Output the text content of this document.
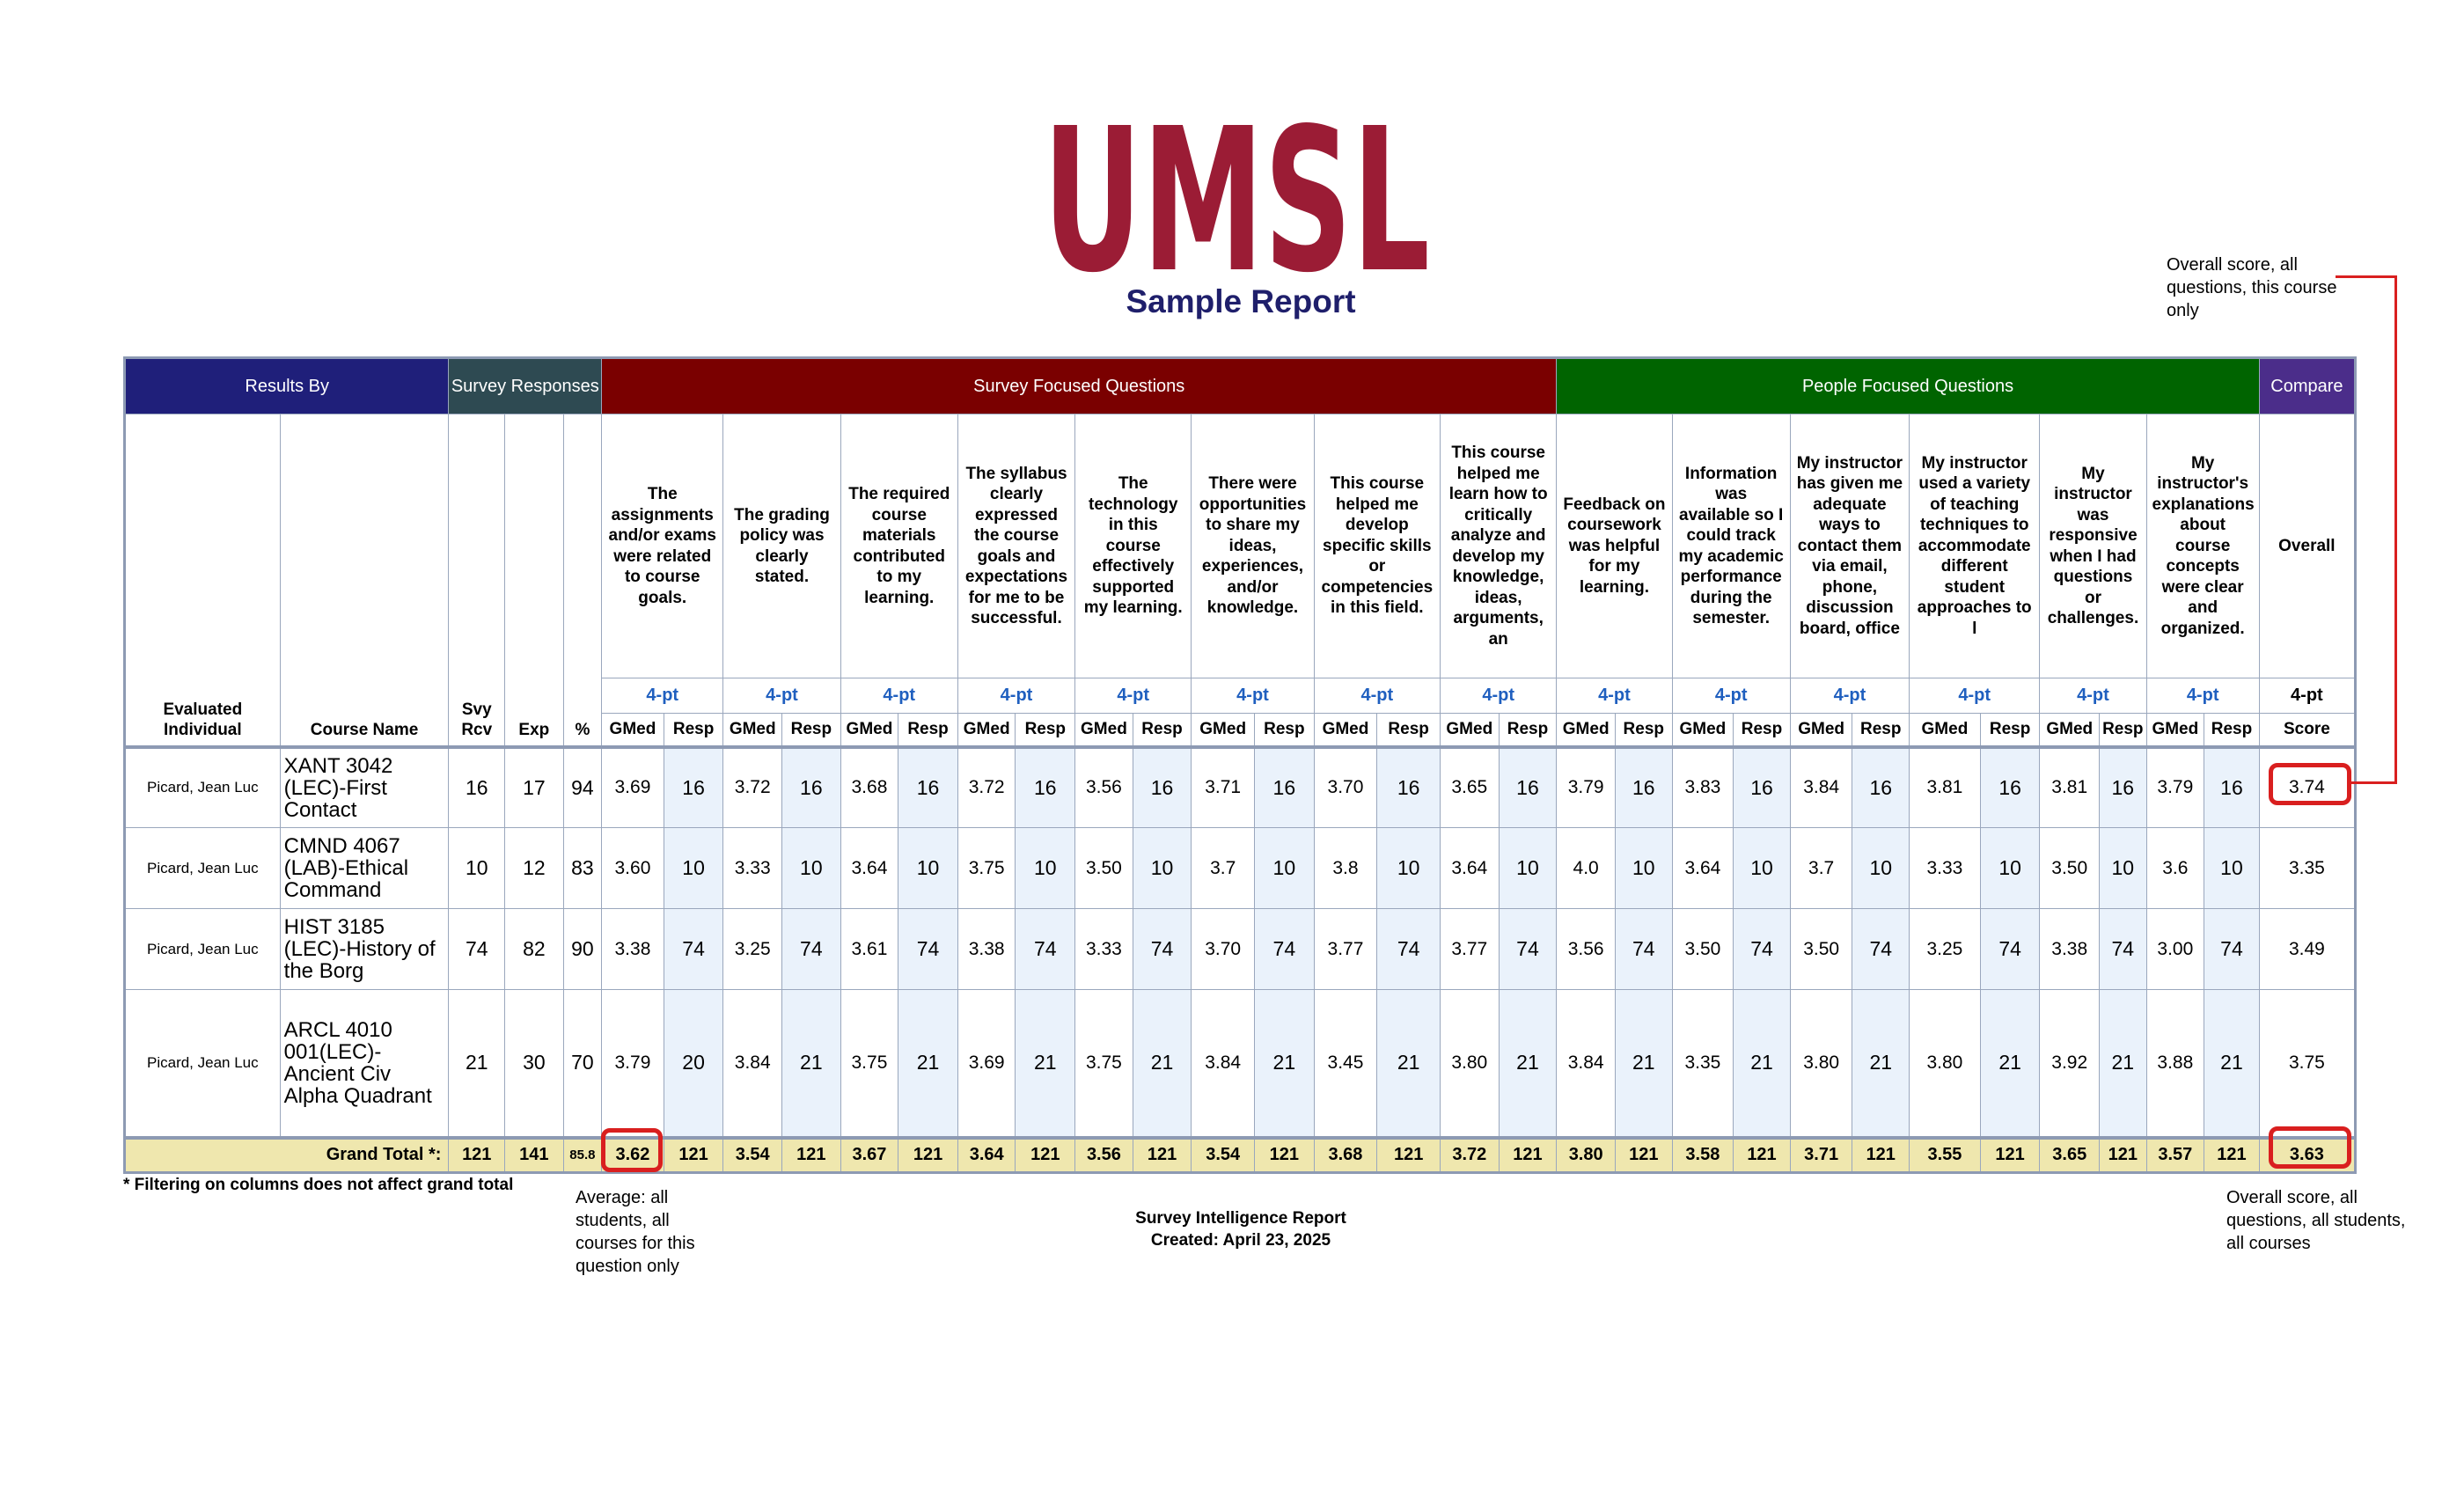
UMSL
Sample Report
Results By		Survey Responses			Survey Focused Questions																People Focused Questions												Compare
Evaluated Individual	Course Name	Svy Rcv	Exp	%	The assignments and/or exams were related to course goals.		The grading policy was clearly stated.		The required course materials contributed to my learning.		The syllabus clearly expressed the course goals and expectations for me to be successful.		The technology in this course effectively supported my learning.		There were opportunities to share my ideas, experiences, and/or knowledge.		This course helped me develop specific skills or competencies in this field.		This course helped me learn how to critically analyze and develop my knowledge, ideas, arguments, an		Feedback on coursework was helpful for my learning.		Information was available so I could track my academic performance during the semester.		My instructor has given me adequate ways to contact them via email, phone, discussion board, office		My instructor used a variety of teaching techniques to accommodate different student approaches to l		My instructor was responsive when I had questions or challenges.		My instructor's explanations about course concepts were clear and organized.		Overall
					4-pt		4-pt		4-pt		4-pt		4-pt		4-pt		4-pt		4-pt		4-pt		4-pt		4-pt		4-pt		4-pt		4-pt		4-pt
					GMed	Resp	GMed	Resp	GMed	Resp	GMed	Resp	GMed	Resp	GMed	Resp	GMed	Resp	GMed	Resp	GMed	Resp	GMed	Resp	GMed	Resp	GMed	Resp	GMed	Resp	GMed	Resp	Score
Picard, Jean Luc	XANT 3042 (LEC)-First Contact	16	17	94	3.69	16	3.72	16	3.68	16	3.72	16	3.56	16	3.71	16	3.70	16	3.65	16	3.79	16	3.83	16	3.84	16	3.81	16	3.81	16	3.79	16	3.74
Picard, Jean Luc	CMND 4067 (LAB)-Ethical Command	10	12	83	3.60	10	3.33	10	3.64	10	3.75	10	3.50	10	3.7	10	3.8	10	3.64	10	4.0	10	3.64	10	3.7	10	3.33	10	3.50	10	3.6	10	3.35
Picard, Jean Luc	HIST 3185 (LEC)-History of the Borg	74	82	90	3.38	74	3.25	74	3.61	74	3.38	74	3.33	74	3.70	74	3.77	74	3.77	74	3.56	74	3.50	74	3.50	74	3.25	74	3.38	74	3.00	74	3.49
Picard, Jean Luc	ARCL 4010 001(LEC)-Ancient Civ Alpha Quadrant	21	30	70	3.79	20	3.84	21	3.75	21	3.69	21	3.75	21	3.84	21	3.45	21	3.80	21	3.84	21	3.35	21	3.80	21	3.80	21	3.92	21	3.88	21	3.75
Grand Total *:		121	141	85.8	3.62	121	3.54	121	3.67	121	3.64	121	3.56	121	3.54	121	3.68	121	3.72	121	3.80	121	3.58	121	3.71	121	3.55	121	3.65	121	3.57	121	3.63
* Filtering on columns does not affect grand total
Average: all students, all courses for this question only
Survey Intelligence Report
Created: April 23, 2025
Overall score, all questions, this course only
Overall score, all questions, all students, all courses
